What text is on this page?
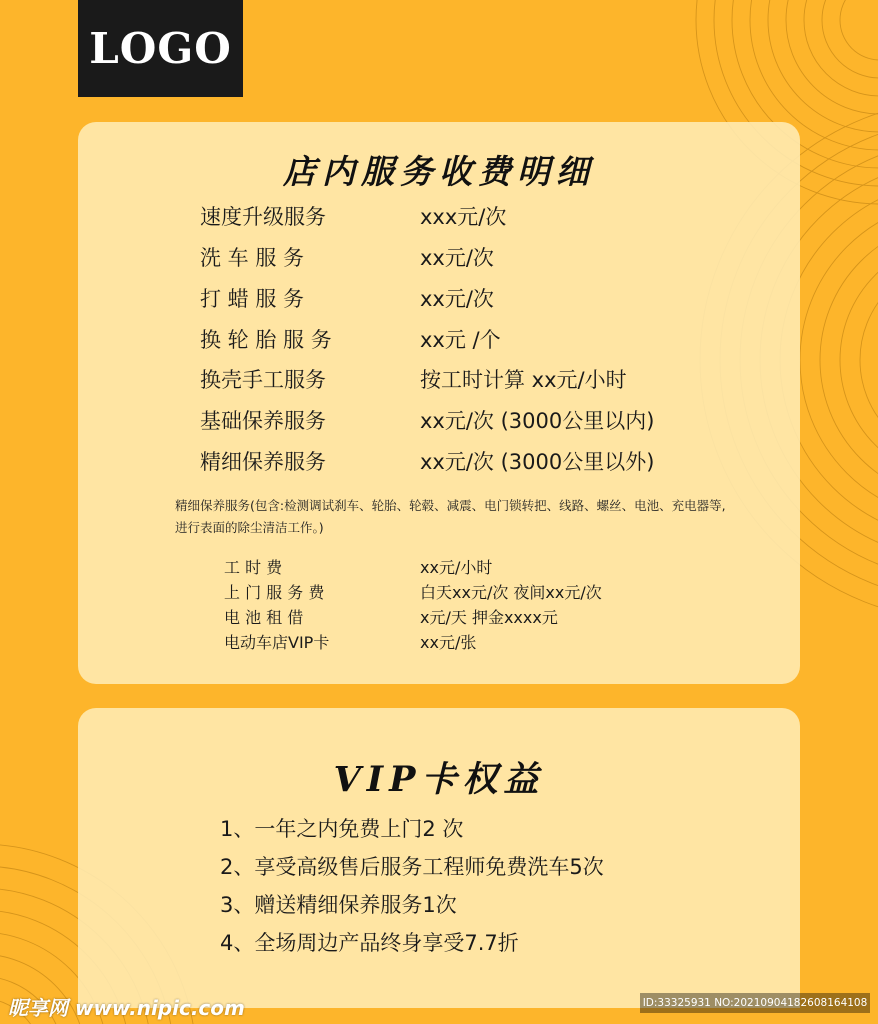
LOGO
店内服务收费明细
速度升级服务	xxx元/次
洗 车 服 务	xx元/次
打 蜡 服 务	xx元/次
换 轮 胎 服 务	xx元 /个
换壳手工服务	按工时计算 xx元/小时
基础保养服务	xx元/次 (3000公里以内)
精细保养服务	xx元/次 (3000公里以外)
精细保养服务(包含:检测调试刹车、轮胎、轮毂、减震、电门锁转把、线路、螺丝、电池、充电器等,进行表面的除尘清洁工作。)
工 时 费	xx元/小时
上 门 服 务 费	白天xx元/次 夜间xx元/次
电 池 租 借	x元/天 押金xxxx元
电动车店VIP卡	xx元/张
VIP卡权益
1、一年之内免费上门2 次
2、享受高级售后服务工程师免费洗车5次
3、赠送精细保养服务1次
4、全场周边产品终身享受7.7折
昵享网 www.nipic.com	ID:33325931 NO:20210904182608164108
